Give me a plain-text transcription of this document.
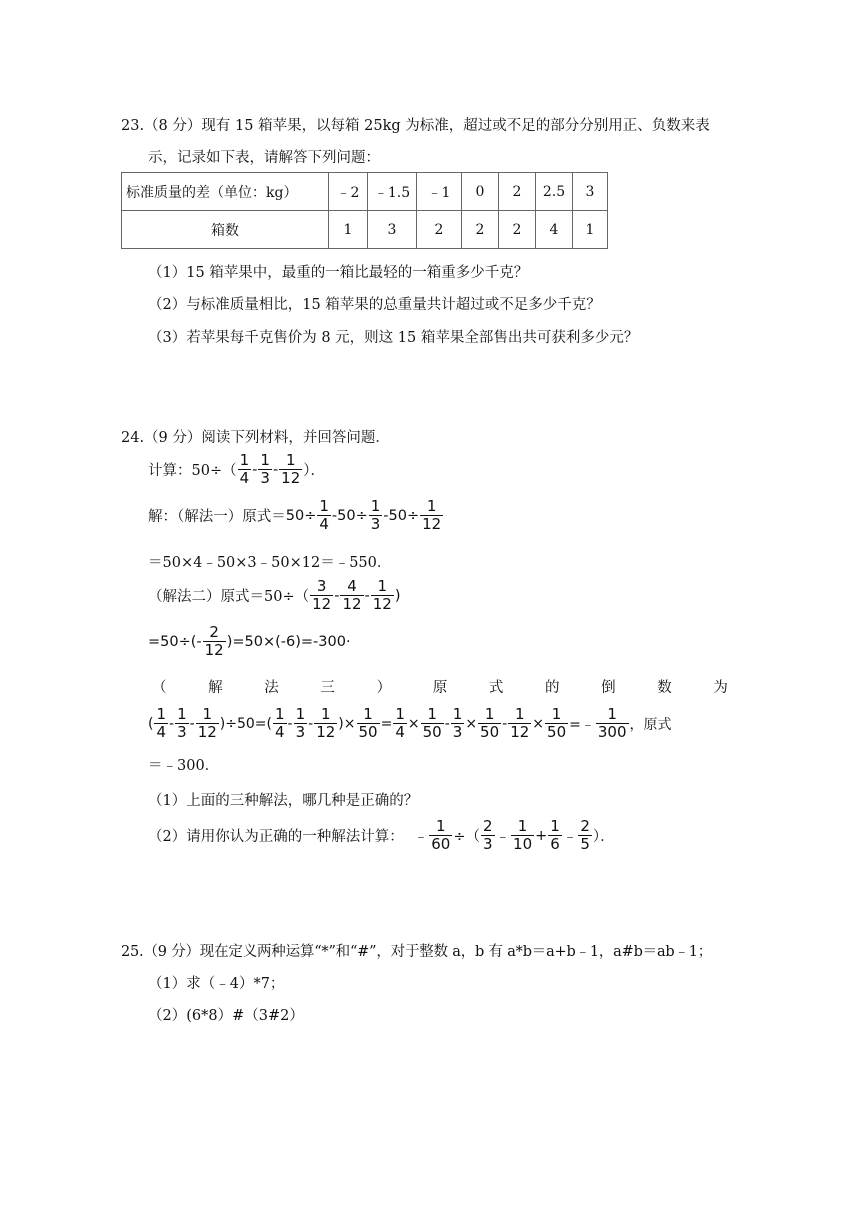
23.（8 分）现有 15 箱苹果，以每箱 25kg 为标准，超过或不足的部分分别用正、负数来表
示，记录如下表，请解答下列问题：
标准质量的差（单位：kg）	﹣2	﹣1.5	﹣1	0	2	2.5	3
箱数	1	3	2	2	2	4	1
（1）15 箱苹果中，最重的一箱比最轻的一箱重多少千克？
（2）与标准质量相比，15 箱苹果的总重量共计超过或不足多少千克？
（3）若苹果每千克售价为 8 元，则这 15 箱苹果全部售出共可获利多少元？
24.（9 分）阅读下列材料，并回答问题．
计算：50÷（
1
4 -
1
3 -
1
12 ）．
解：（解法一）原式＝ $50\div \frac{1}{4} -50\div \frac{1}{3} -50\div \frac{1}{12}$
＝50×4﹣50×3﹣50×12＝﹣550．
（解法二）原式＝50÷（
3
12 -
4
12 -
1
12 )
=50÷(-
2
12 )=50×(-6)=-300·
（	解	法	三	）	原	式	的	倒	数	为
(
1
4 -
1
3 -
1
12 )÷50=(
1
4 -
1
3 -
1
12 )× $\frac{1}{50} = \frac{1}{4} \times \frac{1}{50} - \frac{1}{3} \times \frac{1}{50} - \frac{1}{12} \times \frac{1}{50}$ =﹣
1
300 ，原式
＝﹣300．
（1）上面的三种解法，哪几种是正确的？
（2）请用你认为正确的一种解法计算： ﹣ $\frac{1}{60}$ ÷（
2
3 ﹣
1
$10 + \frac{1}{6}$ ﹣
2
5 ）．
25.（9 分）现在定义两种运算“*”和“#”，对于整数 a，b 有 a*b＝a+b﹣1，a#b＝ab﹣1；
（1）求（﹣4）*7；
（2）(6*8）#（3#2）
